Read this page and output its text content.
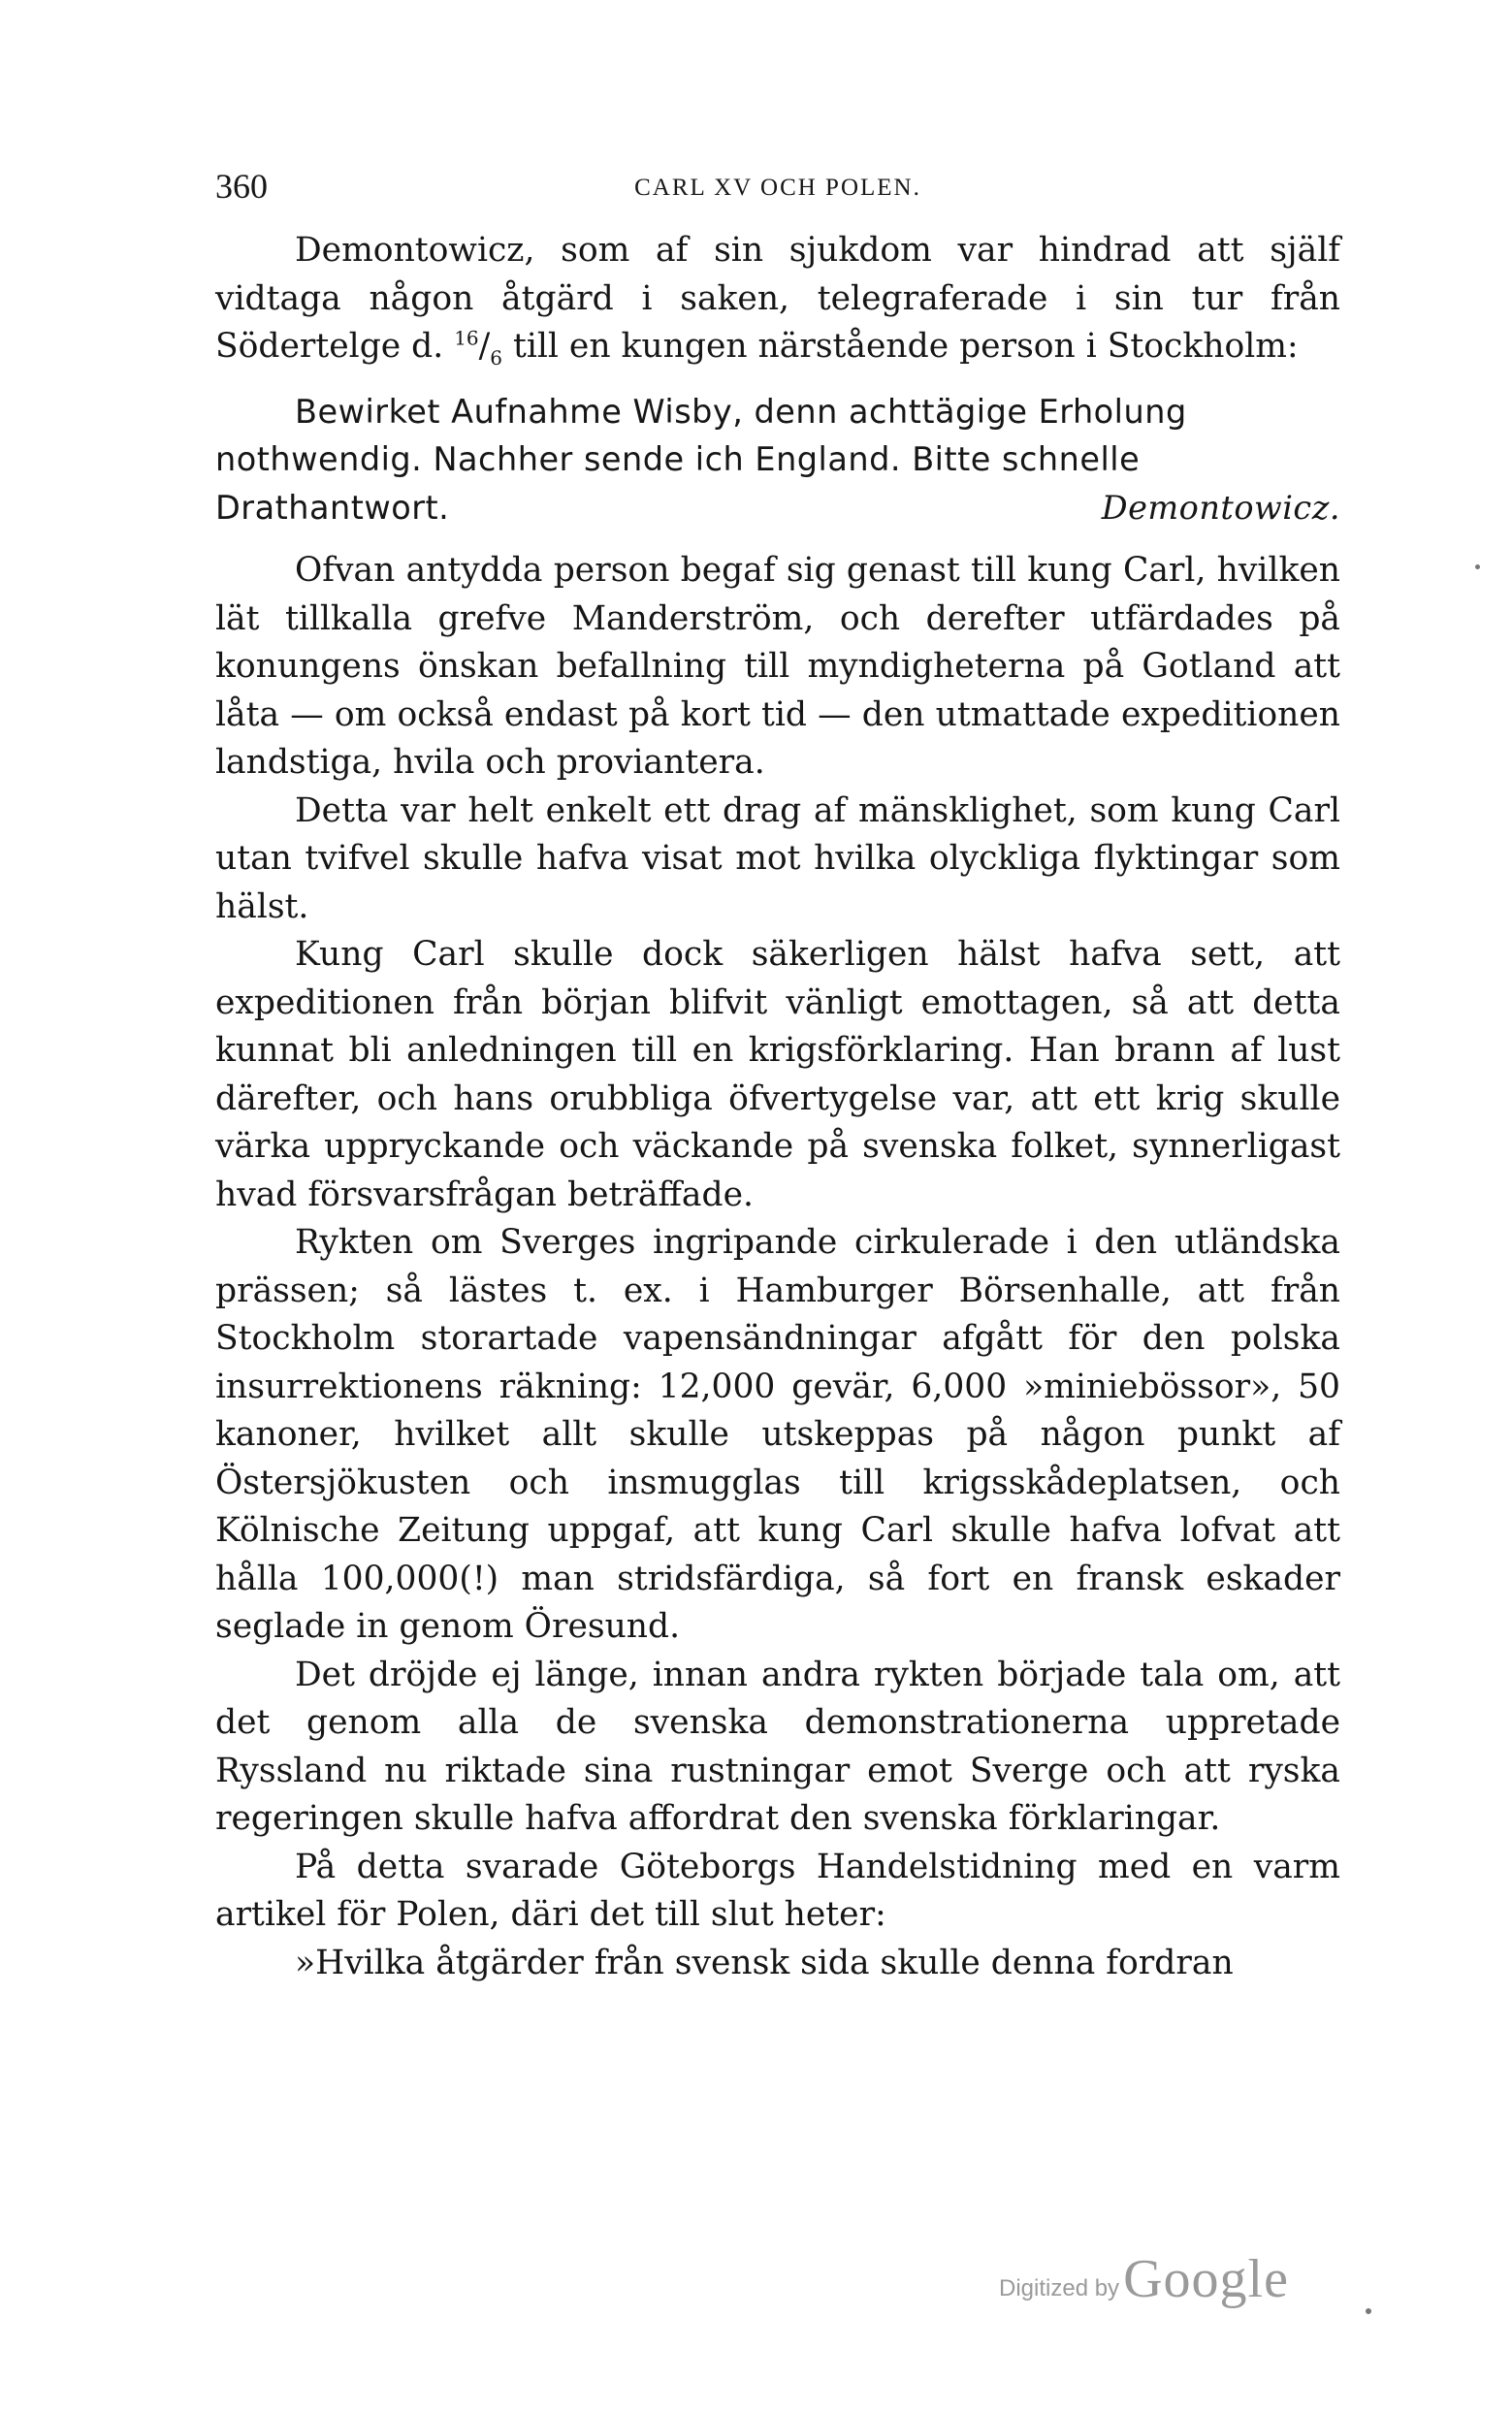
360	CARL XV OCH POLEN.

Demontowicz, som af sin sjukdom var hindrad att själf vidtaga någon åtgärd i saken, telegraferade i sin tur från Södertelge d. $^{16}/_6$ till en kungen närstående person i Stockholm:

Bewirket Aufnahme Wisby, denn achttägige Erholung nothwendig. Nachher sende ich England. Bitte schnelle Drathantwort.	Demontowicz.

Ofvan antydda person begaf sig genast till kung Carl, hvilken lät tillkalla grefve Manderström, och derefter utfärdades på konungens önskan befallning till myndigheterna på Gotland att låta — om också endast på kort tid — den utmattade expeditionen landstiga, hvila och proviantera.

Detta var helt enkelt ett drag af mänsklighet, som kung Carl utan tvifvel skulle hafva visat mot hvilka olyckliga flyktingar som hälst.

Kung Carl skulle dock säkerligen hälst hafva sett, att expeditionen från början blifvit vänligt emottagen, så att detta kunnat bli anledningen till en krigsförklaring. Han brann af lust därefter, och hans orubbliga öfvertygelse var, att ett krig skulle värka uppryckande och väckande på svenska folket, synnerligast hvad försvarsfrågan beträffade.

Rykten om Sverges ingripande cirkulerade i den utländska prässen; så lästes t. ex. i Hamburger Börsenhalle, att från Stockholm storartade vapensändningar afgått för den polska insurrektionens räkning: 12,000 gevär, 6,000 »miniebössor», 50 kanoner, hvilket allt skulle utskeppas på någon punkt af Östersjökusten och insmugglas till krigsskådeplatsen, och Kölnische Zeitung uppgaf, att kung Carl skulle hafva lofvat att hålla 100,000(!) man stridsfärdiga, så fort en fransk eskader seglade in genom Öresund.

Det dröjde ej länge, innan andra rykten började tala om, att det genom alla de svenska demonstrationerna uppretade Ryssland nu riktade sina rustningar emot Sverge och att ryska regeringen skulle hafva affordrat den svenska förklaringar.

På detta svarade Göteborgs Handelstidning med en varm artikel för Polen, däri det till slut heter:

»Hvilka åtgärder från svensk sida skulle denna fordran

Digitized by Google
